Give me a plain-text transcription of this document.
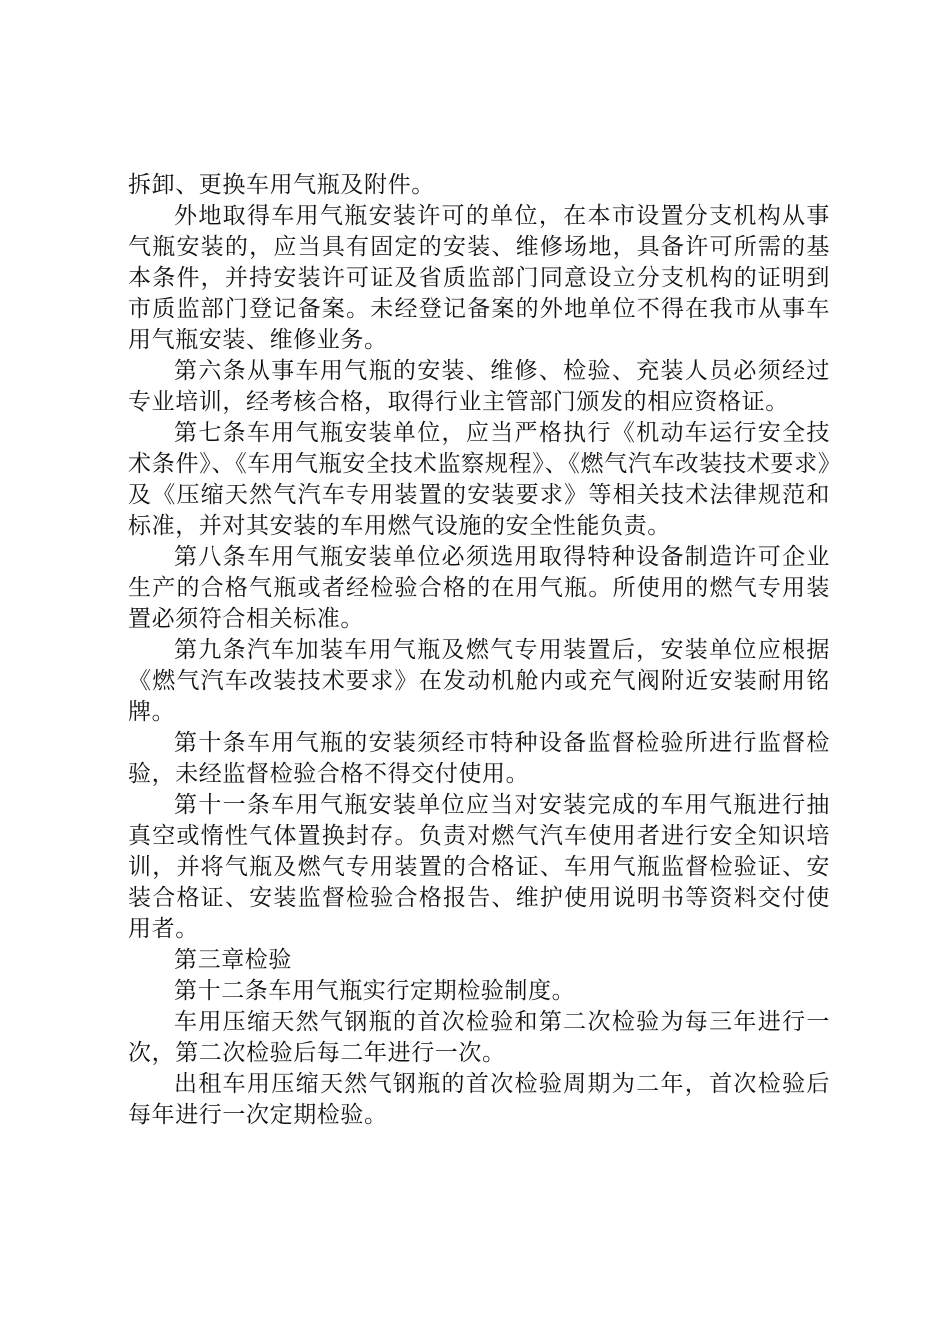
拆卸、更换车用气瓶及附件。

外地取得车用气瓶安装许可的单位，在本市设置分支机构从事气瓶安装的，应当具有固定的安装、维修场地，具备许可所需的基本条件，并持安装许可证及省质监部门同意设立分支机构的证明到市质监部门登记备案。未经登记备案的外地单位不得在我市从事车用气瓶安装、维修业务。

第六条从事车用气瓶的安装、维修、检验、充装人员必须经过专业培训，经考核合格，取得行业主管部门颁发的相应资格证。

第七条车用气瓶安装单位，应当严格执行《机动车运行安全技术条件》、《车用气瓶安全技术监察规程》、《燃气汽车改装技术要求》及《压缩天然气汽车专用装置的安装要求》等相关技术法律规范和标准，并对其安装的车用燃气设施的安全性能负责。

第八条车用气瓶安装单位必须选用取得特种设备制造许可企业生产的合格气瓶或者经检验合格的在用气瓶。所使用的燃气专用装置必须符合相关标准。

第九条汽车加装车用气瓶及燃气专用装置后，安装单位应根据《燃气汽车改装技术要求》在发动机舱内或充气阀附近安装耐用铭牌。

第十条车用气瓶的安装须经市特种设备监督检验所进行监督检验，未经监督检验合格不得交付使用。

第十一条车用气瓶安装单位应当对安装完成的车用气瓶进行抽真空或惰性气体置换封存。负责对燃气汽车使用者进行安全知识培训，并将气瓶及燃气专用装置的合格证、车用气瓶监督检验证、安装合格证、安装监督检验合格报告、维护使用说明书等资料交付使用者。

第三章检验

第十二条车用气瓶实行定期检验制度。

车用压缩天然气钢瓶的首次检验和第二次检验为每三年进行一次，第二次检验后每二年进行一次。

出租车用压缩天然气钢瓶的首次检验周期为二年，首次检验后每年进行一次定期检验。
